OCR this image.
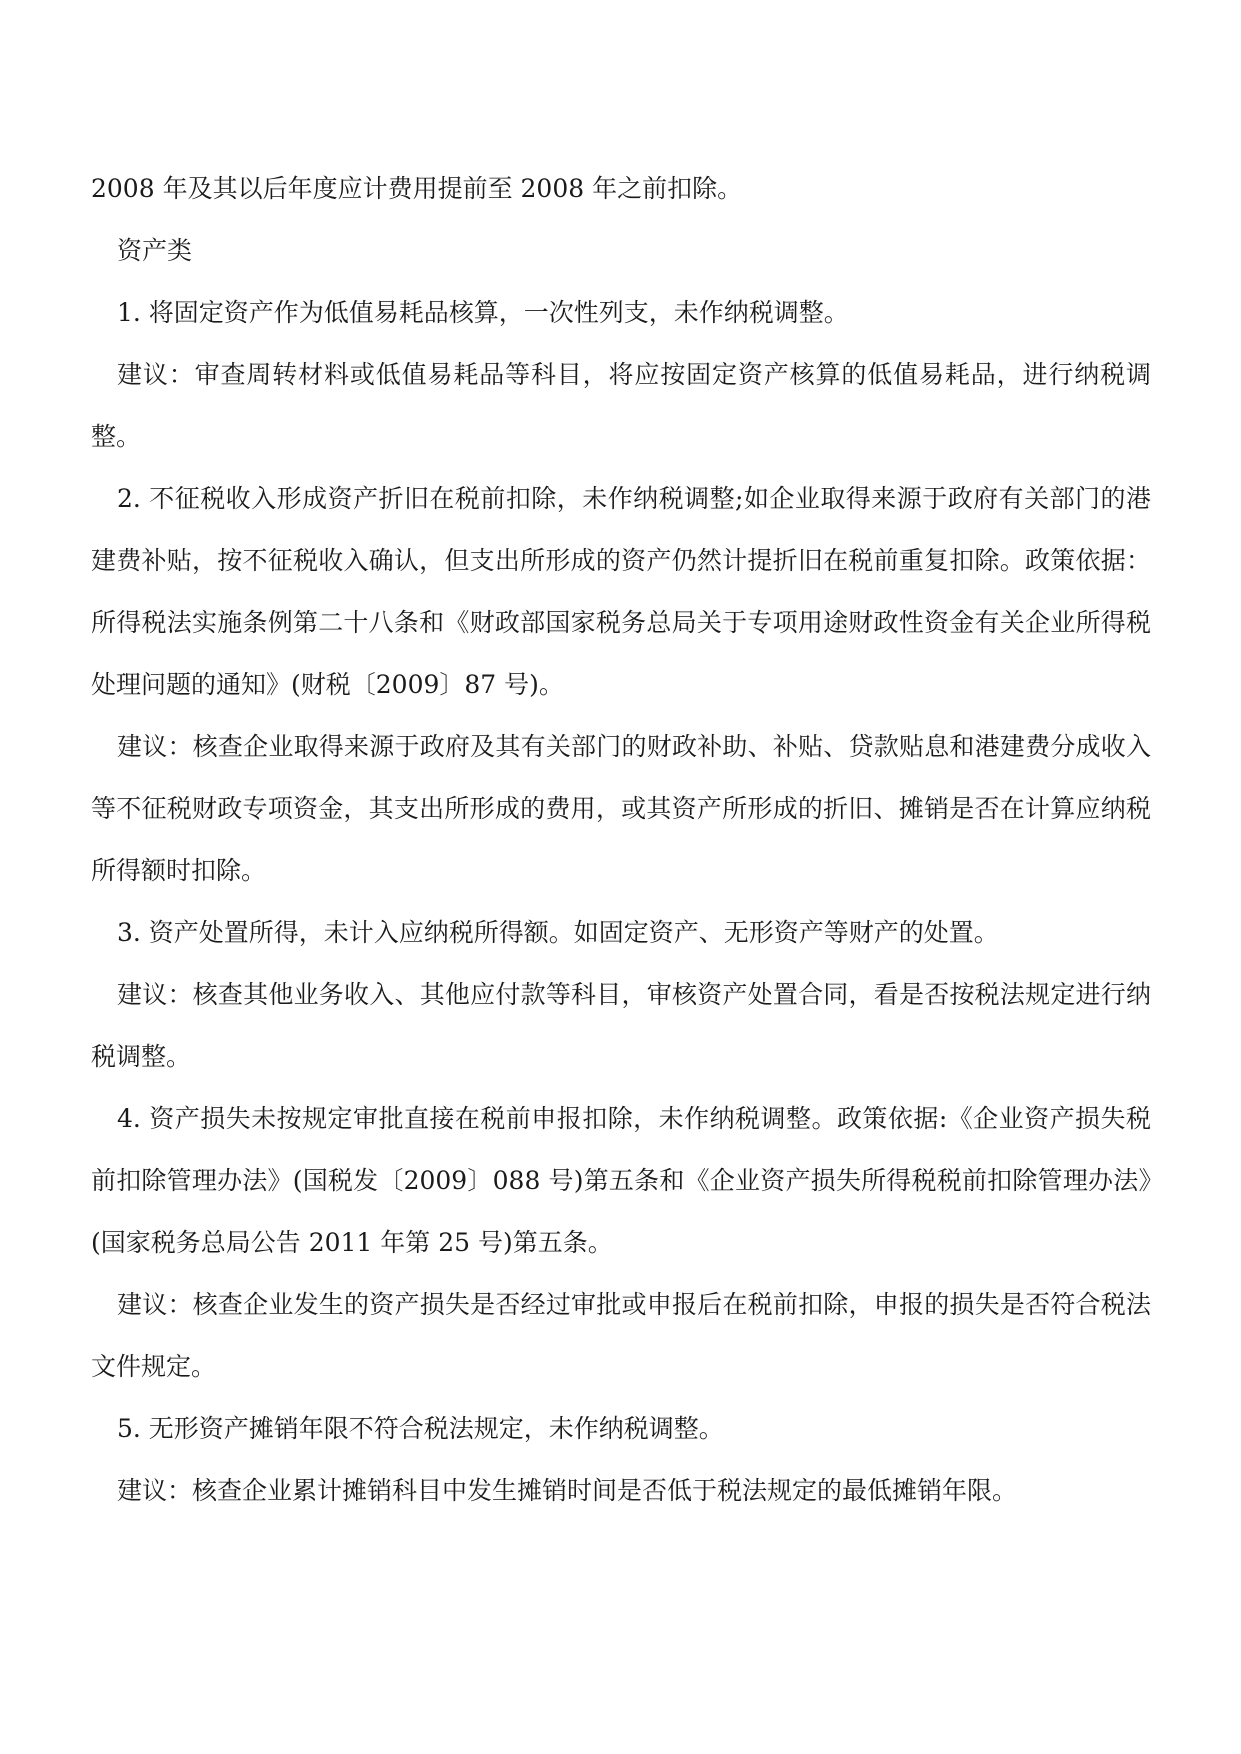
2008 年及其以后年度应计费用提前至 2008 年之前扣除。

资产类

1. 将固定资产作为低值易耗品核算，一次性列支，未作纳税调整。

建议：审查周转材料或低值易耗品等科目，将应按固定资产核算的低值易耗品，进行纳税调整。

2. 不征税收入形成资产折旧在税前扣除，未作纳税调整;如企业取得来源于政府有关部门的港建费补贴，按不征税收入确认，但支出所形成的资产仍然计提折旧在税前重复扣除。政策依据：所得税法实施条例第二十八条和《财政部国家税务总局关于专项用途财政性资金有关企业所得税处理问题的通知》(财税〔2009〕87 号)。

建议：核查企业取得来源于政府及其有关部门的财政补助、补贴、贷款贴息和港建费分成收入等不征税财政专项资金，其支出所形成的费用，或其资产所形成的折旧、摊销是否在计算应纳税所得额时扣除。

3. 资产处置所得，未计入应纳税所得额。如固定资产、无形资产等财产的处置。

建议：核查其他业务收入、其他应付款等科目，审核资产处置合同，看是否按税法规定进行纳税调整。

4. 资产损失未按规定审批直接在税前申报扣除，未作纳税调整。政策依据:《企业资产损失税前扣除管理办法》(国税发〔2009〕088 号)第五条和《企业资产损失所得税税前扣除管理办法》(国家税务总局公告 2011 年第 25 号)第五条。

建议：核查企业发生的资产损失是否经过审批或申报后在税前扣除，申报的损失是否符合税法文件规定。

5. 无形资产摊销年限不符合税法规定，未作纳税调整。

建议：核查企业累计摊销科目中发生摊销时间是否低于税法规定的最低摊销年限。
